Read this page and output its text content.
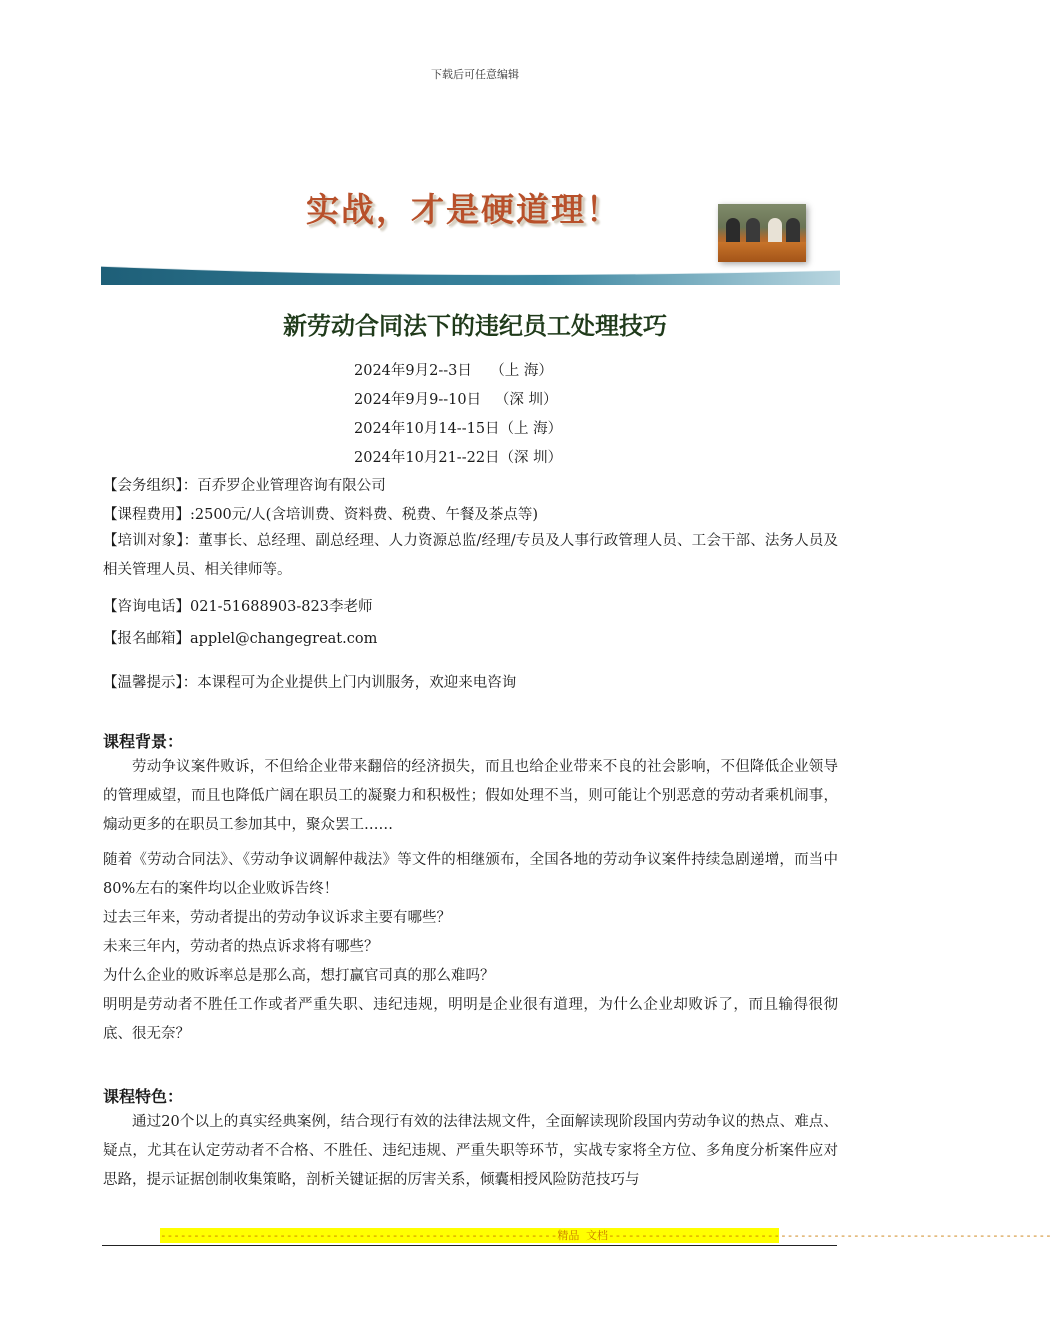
下载后可任意编辑
实战，才是硬道理！
新劳动合同法下的违纪员工处理技巧
2024年9月2--3日    （上 海）
2024年9月9--10日   （深 圳）
2024年10月14--15日（上 海）
2024年10月21--22日（深 圳）
【会务组织】：百乔罗企业管理咨询有限公司
【课程费用】:2500元/人(含培训费、资料费、税费、午餐及茶点等)
【培训对象】：董事长、总经理、副总经理、人力资源总监/经理/专员及人事行政管理人员、工会干部、法务人员及相关管理人员、相关律师等。
【咨询电话】021-51688903-823李老师
【报名邮箱】applel@changegreat.com
【温馨提示】：本课程可为企业提供上门内训服务，欢迎来电咨询
课程背景：
劳动争议案件败诉，不但给企业带来翻倍的经济损失，而且也给企业带来不良的社会影响，不但降低企业领导的管理威望，而且也降低广阔在职员工的凝聚力和积极性；假如处理不当，则可能让个别恶意的劳动者乘机闹事，煽动更多的在职员工参加其中，聚众罢工……
随着《劳动合同法》、《劳动争议调解仲裁法》等文件的相继颁布，全国各地的劳动争议案件持续急剧递增，而当中80%左右的案件均以企业败诉告终！
过去三年来，劳动者提出的劳动争议诉求主要有哪些？
未来三年内，劳动者的热点诉求将有哪些？
为什么企业的败诉率总是那么高，想打赢官司真的那么难吗？
明明是劳动者不胜任工作或者严重失职、违纪违规，明明是企业很有道理，为什么企业却败诉了，而且输得很彻底、很无奈？
课程特色：
通过20个以上的真实经典案例，结合现行有效的法律法规文件，全面解读现阶段国内劳动争议的热点、难点、疑点，尤其在认定劳动者不合格、不胜任、违纪违规、严重失职等环节，实战专家将全方位、多角度分析案件应对思路，提示证据创制收集策略，剖析关键证据的厉害关系，倾囊相授风险防范技巧与
------------------------------------------------------------精品 文档-------------------------------------------------------------------
